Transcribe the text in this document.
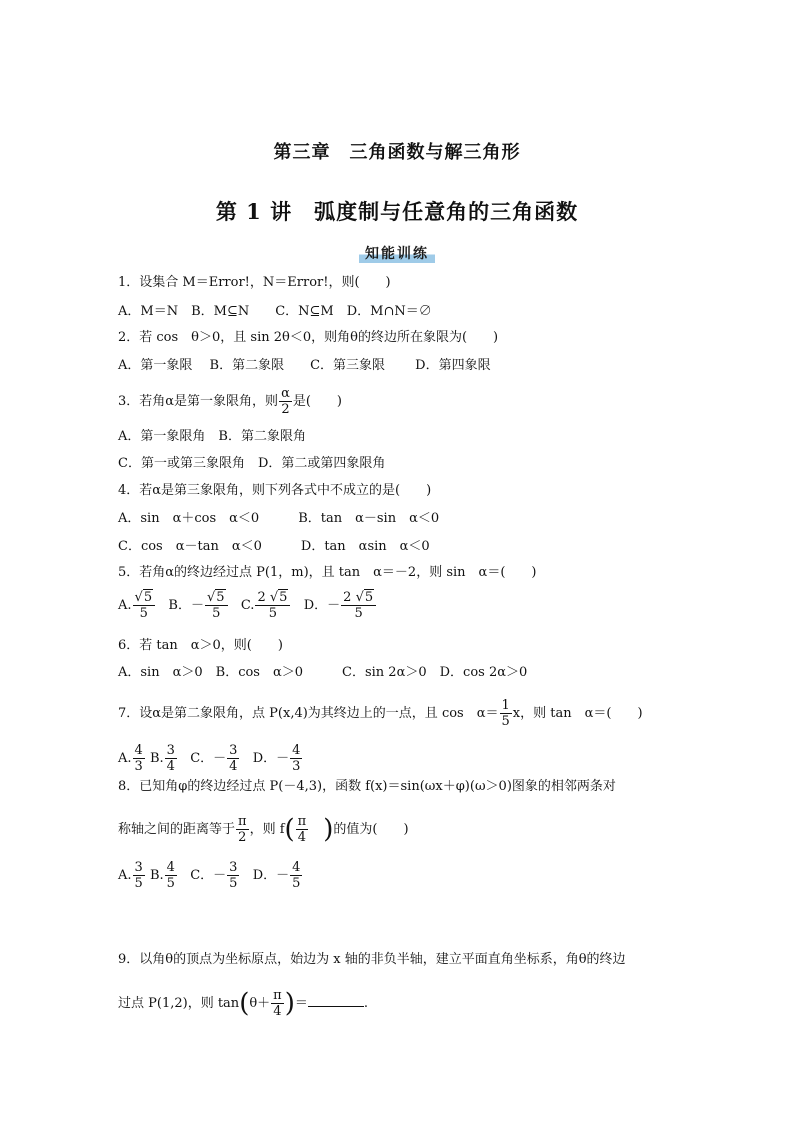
第三章　三角函数与解三角形
第 1 讲　弧度制与任意角的三角函数
知能训练
1．设集合 M＝Error!，N＝Error!，则(　　)
A．M＝N　B．M⊆N　　C．N⊆M　D．M∩N＝∅
2．若 cos　θ＞0，且 sin 2θ＜0，则角θ的终边所在象限为(　　)
A．第一象限　 B．第二象限　　C．第三象限　　 D．第四象限
3．若角α是第一象限角，则 $\frac{\alpha}{2}$ 是(　　)
A．第一象限角　B．第二象限角
C．第一或第三象限角　D．第二或第四象限角
4．若α是第三象限角，则下列各式中不成立的是(　　)
A．sin　α＋cos　α＜0　　　B．tan　α－sin　α＜0
C．cos　α－tan　α＜0　　　D．tan　αsin　α＜0
5．若角α的终边经过点 P(1，m)，且 tan　α＝－2，则 sin　α＝(　　)
A. $\frac{√5}{5}$ B．－ $\frac{√5}{5} C$. $\frac{2 √5}{5}$ D．－ $\frac{2 √5}{5}$
6．若 tan　α＞0，则(　　)
A．sin　α＞0　B．cos　α＞0　　　C．sin 2α＞0　D．cos 2α＞0
7．设α是第二象限角，点 P(x,4)为其终边上的一点，且 cos　$\alpha= \frac{1}{5}$ x，则 tan　α＝(　　)
A. $\frac{4}{3} B$. $\frac{3}{4}$ C．－ $\frac{3}{4}$ D．－ $\frac{4}{3}$
8．已知角φ的终边经过点 P(－4,3)，函数 f(x)＝sin(ωx＋φ)(ω＞0)图象的相邻两条对
称轴之间的距离等于 $\frac{\pi}{2}$ ，则 $f( \frac{\pi}{4}$ )的值为(　　)
A. $\frac{3}{5} B$. $\frac{4}{5}$ C．－ $\frac{3}{5}$ D．－ $\frac{4}{5}$
9．以角θ的顶点为坐标原点，始边为 x 轴的非负半轴，建立平面直角坐标系，角θ的终边
过点 P(1,2)，则 $\tan(\theta+ \frac{\pi}{4}$ )＝	.
